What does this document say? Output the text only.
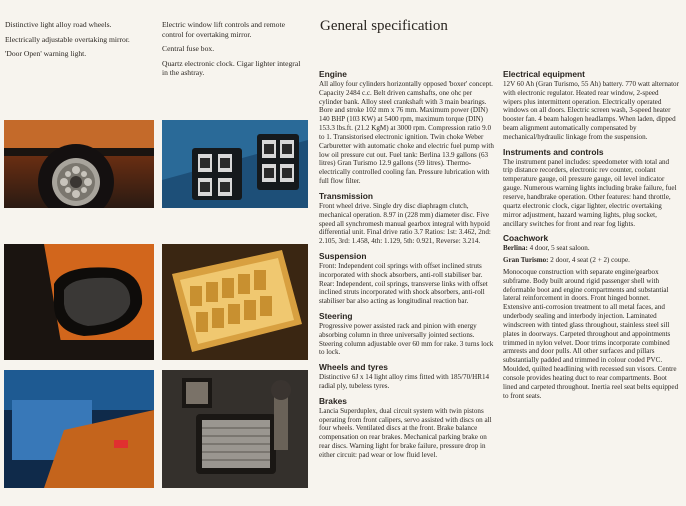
Distinctive light alloy road wheels.

Electrically adjustable overtaking mirror.

'Door Open' warning light.

Electric window lift controls and remote control for overtaking mirror.

Central fuse box.

Quartz electronic clock. Cigar lighter integral in the ashtray.

General specification
Engine

All alloy four cylinders horizontally opposed 'boxer' concept. Capacity 2484 c.c. Belt driven camshafts, one ohc per cylinder bank. Alloy steel crankshaft with 3 main bearings. Bore and stroke 102 mm x 76 mm. Maximum power (DIN) 140 BHP (103 KW) at 5400 rpm, maximum torque (DIN) 153.3 lbs.ft. (21.2 KgM) at 3000 rpm. Compression ratio 9.0 to 1. Transistorised electronic ignition. Twin choke Weber Carburetter with automatic choke and electric fuel pump with low oil pressure cut out. Fuel tank: Berlina 13.9 gallons (63 litres) Gran Turismo 12.9 gallons (59 litres). Thermo-electrically controlled cooling fan. Pressure lubrication with full flow filter.

Transmission

Front wheel drive. Single dry disc diaphragm clutch, mechanical operation. 8.97 in (228 mm) diameter disc. Five speed all synchromesh manual gearbox integral with hypoid differential unit. Final drive ratio 3.7 Ratios: 1st: 3.462, 2nd: 2.105, 3rd: 1.458, 4th: 1.129, 5th: 0.921, Reverse: 3.214.

Suspension

Front: Independent coil springs with offset inclined struts incorporated with shock absorbers, anti-roll stabiliser bar. Rear: Independent, coil springs, transverse links with offset inclined struts incorporated with shock absorbers, anti-roll stabiliser bar also acting as longitudinal reaction bar.

Steering

Progressive power assisted rack and pinion with energy absorbing column in three universally jointed sections. Steering column adjustable over 60 mm for rake. 3 turns lock to lock.

Wheels and tyres

Distinctive 6J x 14 light alloy rims fitted with 185/70/HR14 radial ply, tubeless tyres.

Brakes

Lancia Superduplex, dual circuit system with twin pistons operating from front calipers, servo assisted with discs on all four wheels. Ventilated discs at the front. Brake balance compensation on rear brakes. Mechanical parking brake on rear discs. Warning light for brake failure, pressure drop in either circuit: pad wear or low fluid level.

Electrical equipment

12V 60 Ah (Gran Turismo, 55 Ah) battery. 770 watt alternator with electronic regulator. Heated rear window, 2-speed wipers plus intermittent operation. Electrically operated windows on all doors. Electric screen wash, 3-speed heater booster fan. 4 beam halogen headlamps. When laden, dipped beam alignment automatically compensated by mechanical/hydraulic linkage from the suspension.

Instruments and controls

The instrument panel includes: speedometer with total and trip distance recorders, electronic rev counter, coolant temperature gauge, oil pressure gauge, oil level indicator gauge. Numerous warning lights including brake failure, fuel reserve, handbrake operation. Other features: hand throttle, quartz electronic clock, cigar lighter, electric overtaking mirror adjustment, hazard warning lights, plug socket, ancillary switches for front and rear fog lights.

Coachwork

Berlina: 4 door, 5 seat saloon.

Gran Turismo: 2 door, 4 seat (2 + 2) coupe.

Monocoque construction with separate engine/gearbox subframe. Body built around rigid passenger shell with deformable boot and engine compartments and substantial lateral reinforcement in doors. Front hinged bonnet. Extensive anti-corrosion treatment to all metal faces, and underbody sealing and interbody injection. Laminated windscreen with tinted glass throughout, stainless steel sill plates in doorways. Carpeted throughout and appointments trimmed in nylon velvet. Door trims incorporate combined armrests and door pulls. All other surfaces and pillars substantially padded and trimmed in colour coded PVC. Moulded, quilted headlining with recessed sun visors. Centre console provides heating duct to rear compartments. Boot lined and carpeted throughout. Inertia reel seat belts equipped to front seats.
